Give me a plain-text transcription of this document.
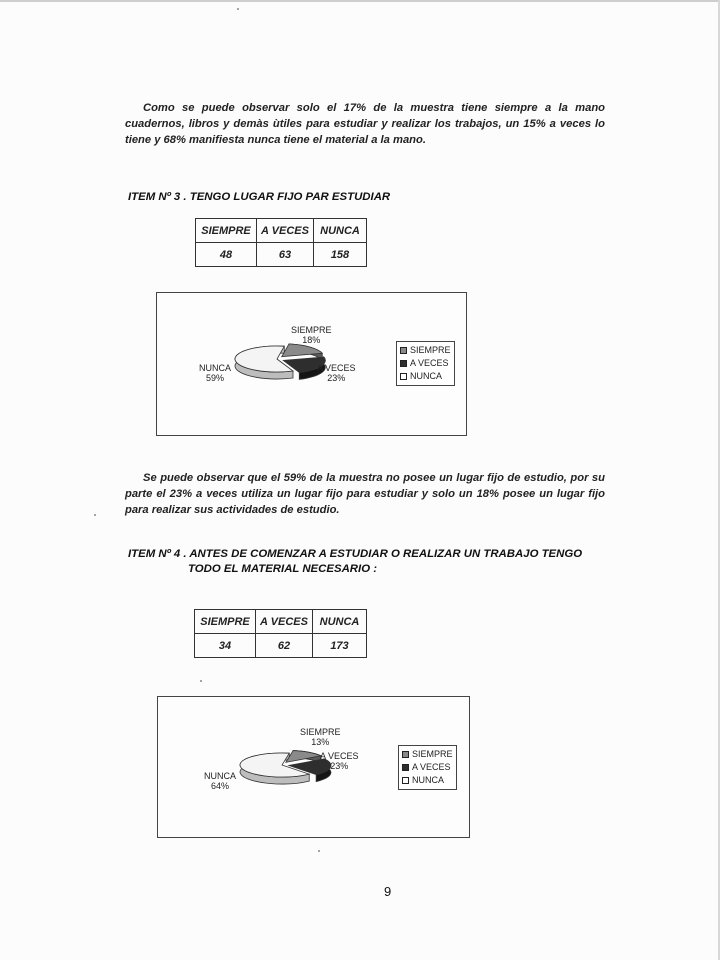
Como se puede observar solo el 17% de la muestra tiene siempre a la mano cuadernos, libros y demàs ùtiles para estudiar y realizar los trabajos, un 15% a veces lo tiene y 68% manifiesta nunca tiene el material a la mano.

ITEM Nº 3 . TENGO LUGAR FIJO PAR ESTUDIAR
SIEMPRE	A VECES	NUNCA
48	63	158
SIEMPRE
18%
A VECES
23%
NUNCA
59%
SIEMPRE
A VECES
NUNCA

Se puede observar que el 59% de la muestra no posee un lugar fijo de estudio, por su parte el 23% a veces utiliza un lugar fijo para estudiar y solo un 18% posee un lugar fijo para realizar sus actividades de estudio.

ITEM Nº 4 . ANTES DE COMENZAR A ESTUDIAR O REALIZAR UN TRABAJO TENGO
TODO EL MATERIAL NECESARIO :
SIEMPRE	A VECES	NUNCA
34	62	173
SIEMPRE
13%
A VECES
23%
NUNCA
64%
SIEMPRE
A VECES
NUNCA
9
